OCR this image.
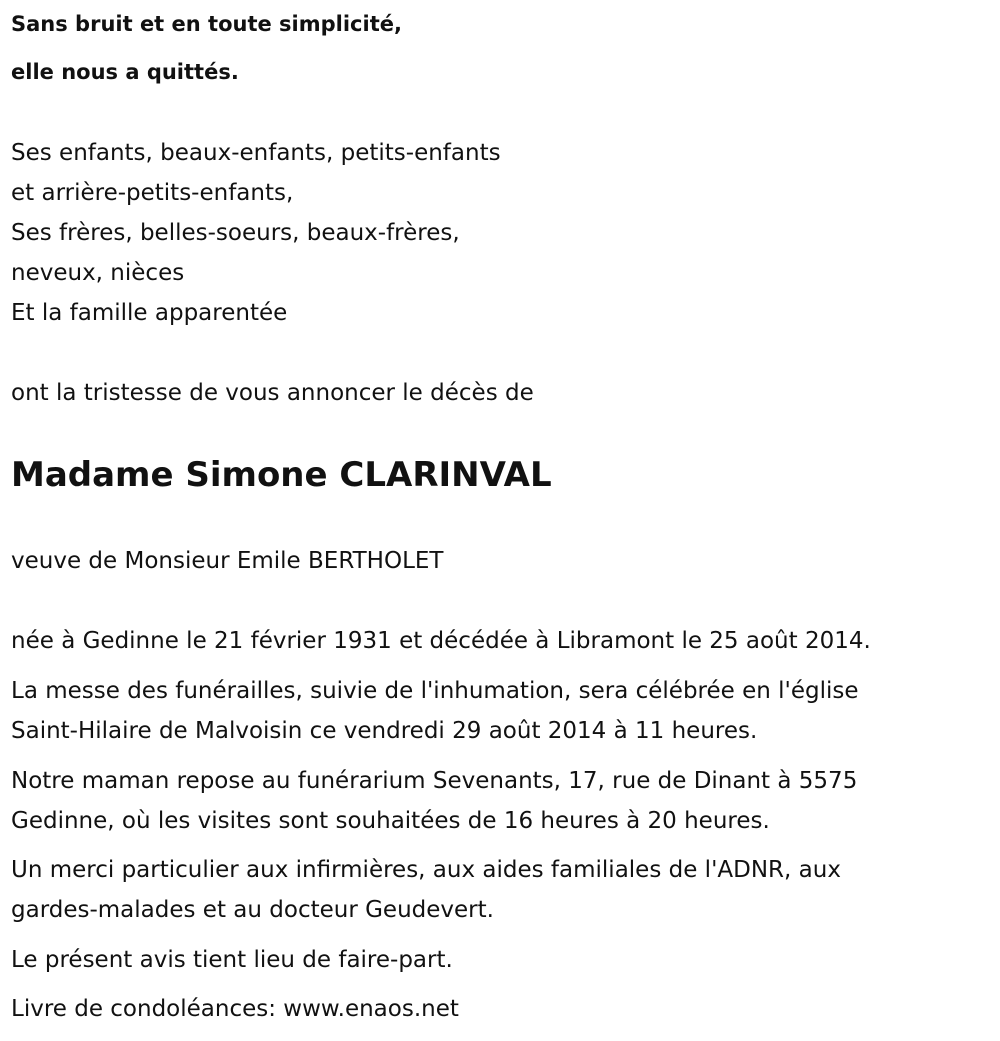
Sans bruit et en toute simplicité,

elle nous a quittés.

Ses enfants, beaux-enfants, petits-enfants

et arrière-petits-enfants,

Ses frères, belles-soeurs, beaux-frères,

neveux, nièces

Et la famille apparentée

ont la tristesse de vous annoncer le décès de

Madame Simone CLARINVAL

veuve de Monsieur Emile BERTHOLET

née à Gedinne le 21 février 1931 et décédée à Libramont le 25 août 2014.

La messe des funérailles, suivie de l'inhumation, sera célébrée en l'église

Saint-Hilaire de Malvoisin ce vendredi 29 août 2014 à 11 heures.

Notre maman repose au funérarium Sevenants, 17, rue de Dinant à 5575

Gedinne, où les visites sont souhaitées de 16 heures à 20 heures.

Un merci particulier aux infirmières, aux aides familiales de l'ADNR, aux

gardes-malades et au docteur Geudevert.

Le présent avis tient lieu de faire-part.

Livre de condoléances: www.enaos.net
